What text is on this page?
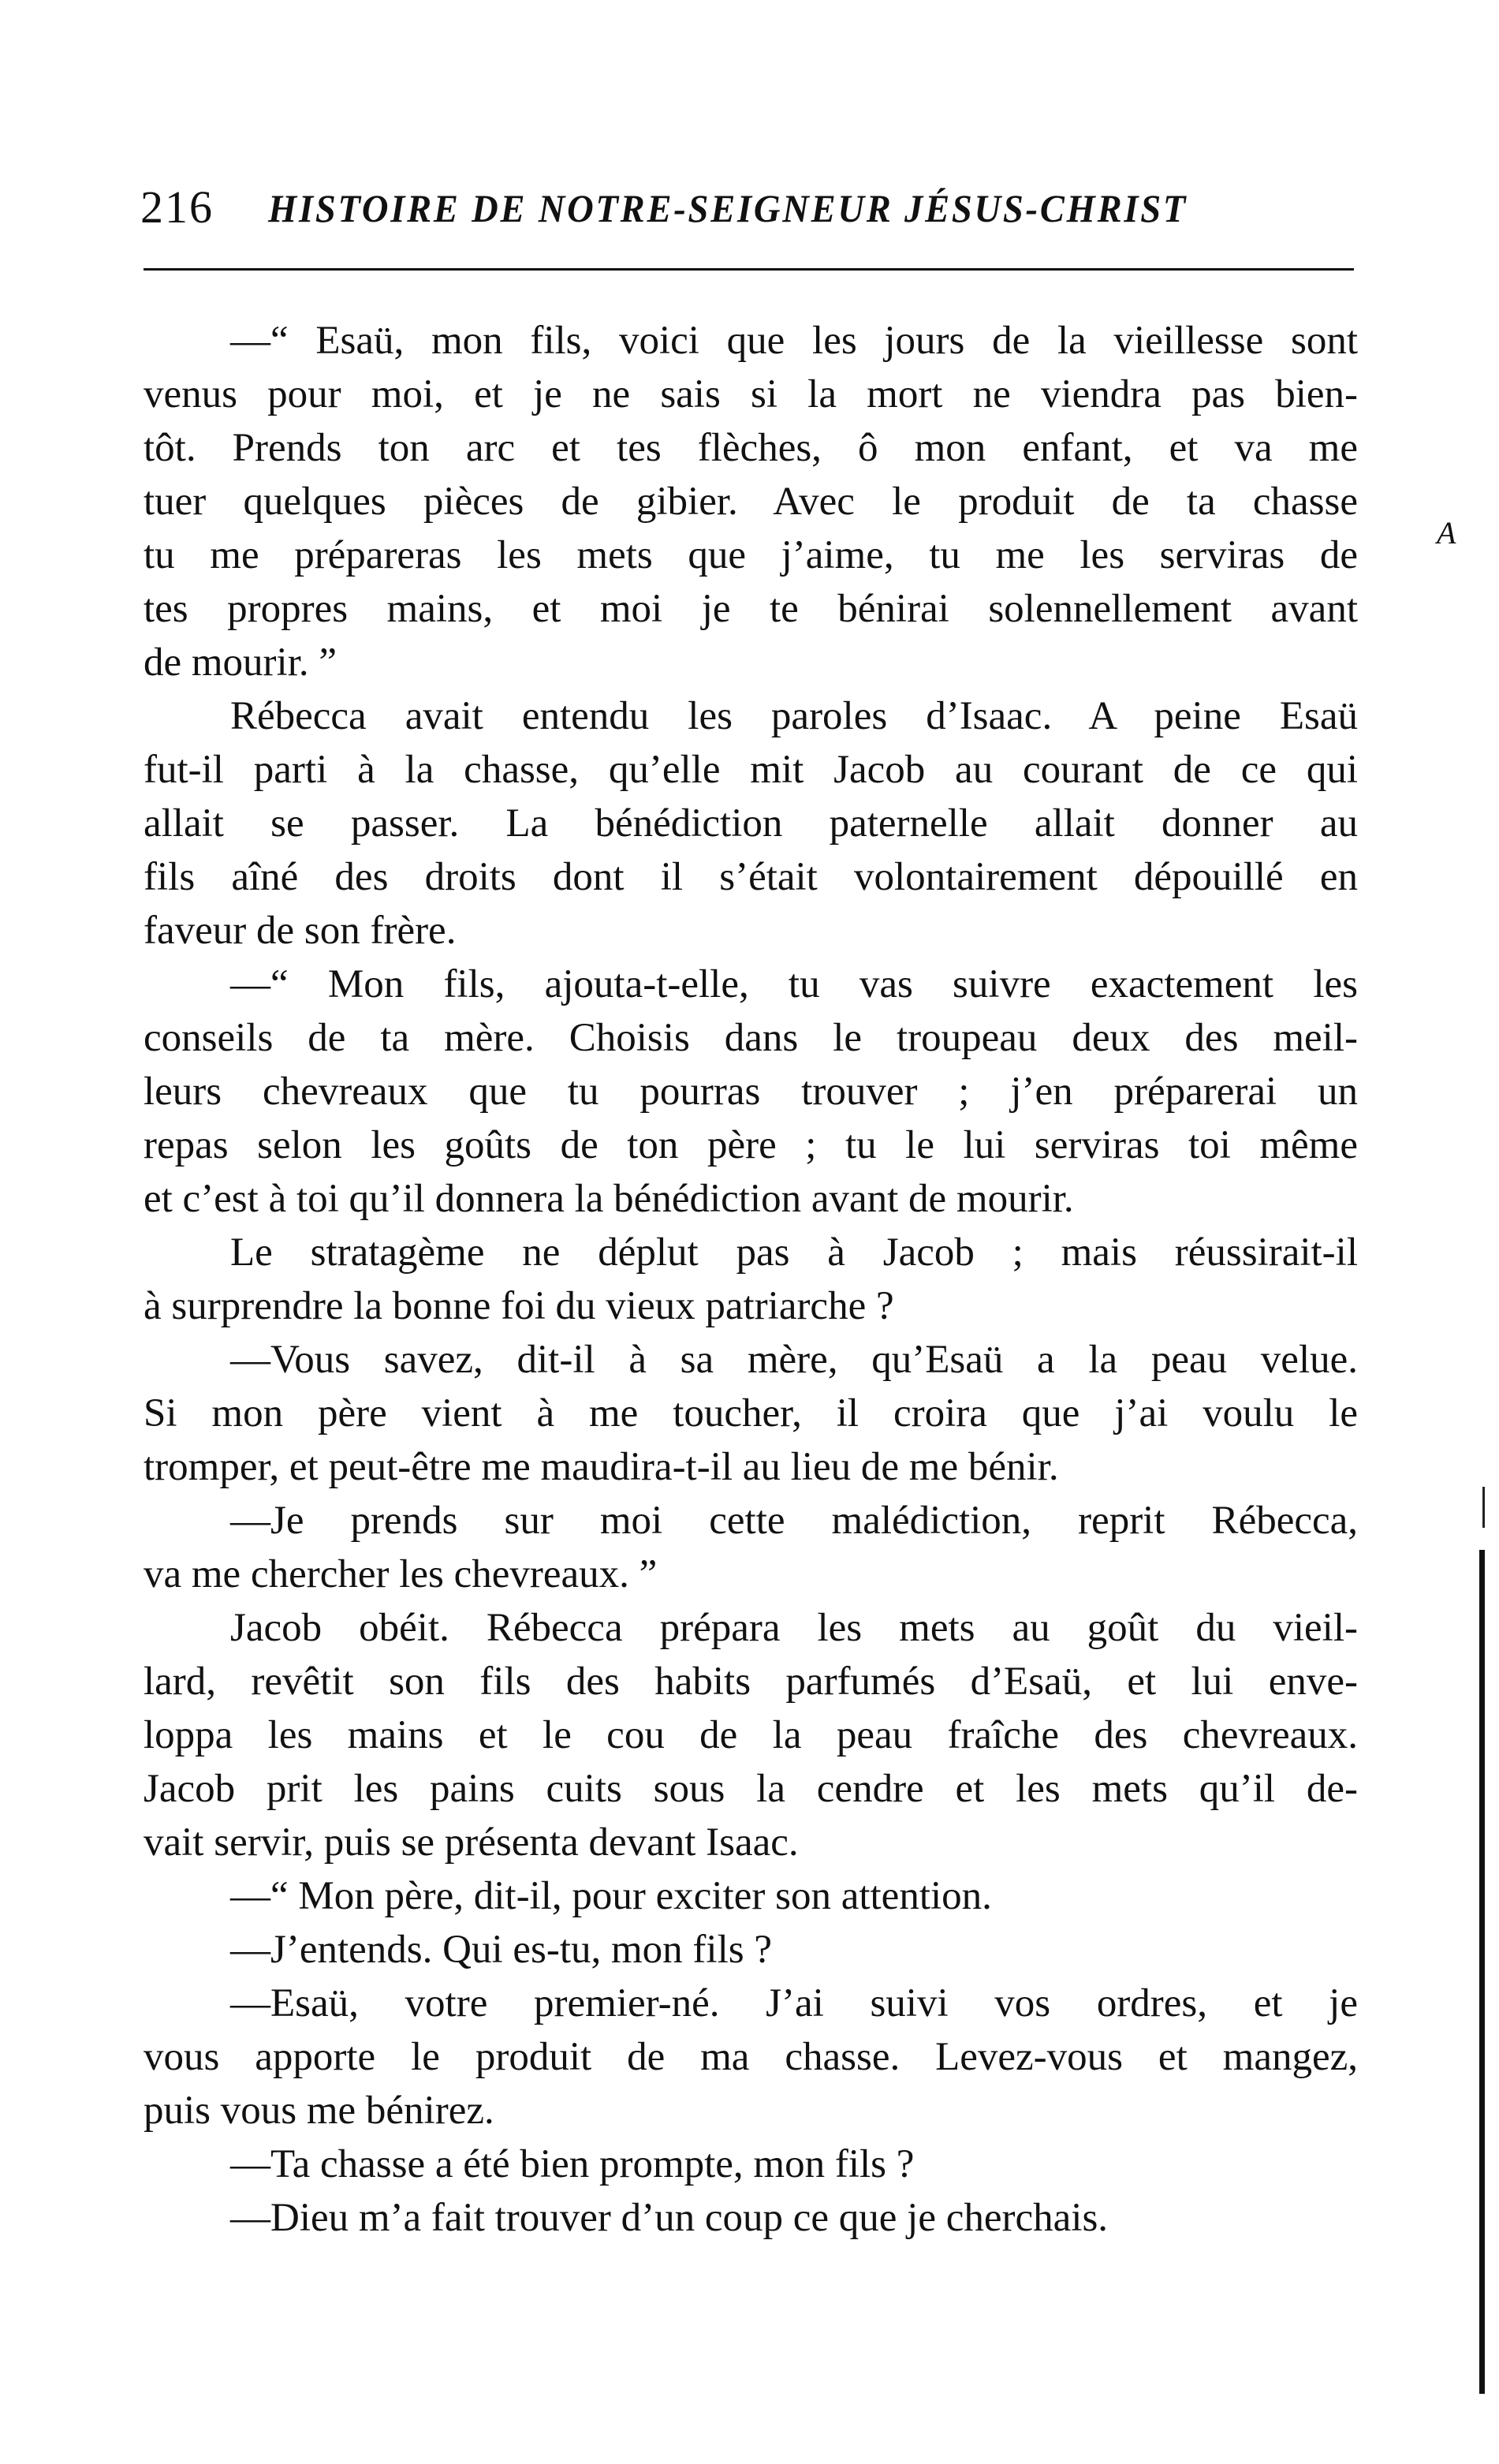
216 HISTOIRE DE NOTRE-SEIGNEUR JÉSUS-CHRIST
—“ Esaü, mon fils, voici que les jours de la vieillesse sont
venus pour moi, et je ne sais si la mort ne viendra pas bien-
tôt. Prends ton arc et tes flèches, ô mon enfant, et va me
tuer quelques pièces de gibier. Avec le produit de ta chasse
tu me prépareras les mets que j’aime, tu me les serviras de
tes propres mains, et moi je te bénirai solennellement avant
de mourir. ”
Rébecca avait entendu les paroles d’Isaac. A peine Esaü
fut-il parti à la chasse, qu’elle mit Jacob au courant de ce qui
allait se passer. La bénédiction paternelle allait donner au
fils aîné des droits dont il s’était volontairement dépouillé en
faveur de son frère.
—“ Mon fils, ajouta-t-elle, tu vas suivre exactement les
conseils de ta mère. Choisis dans le troupeau deux des meil-
leurs chevreaux que tu pourras trouver ; j’en préparerai un
repas selon les goûts de ton père ; tu le lui serviras toi même
et c’est à toi qu’il donnera la bénédiction avant de mourir.
Le stratagème ne déplut pas à Jacob ; mais réussirait-il
à surprendre la bonne foi du vieux patriarche ?
—Vous savez, dit-il à sa mère, qu’Esaü a la peau velue.
Si mon père vient à me toucher, il croira que j’ai voulu le
tromper, et peut-être me maudira-t-il au lieu de me bénir.
—Je prends sur moi cette malédiction, reprit Rébecca,
va me chercher les chevreaux. ”
Jacob obéit. Rébecca prépara les mets au goût du vieil-
lard, revêtit son fils des habits parfumés d’Esaü, et lui enve-
loppa les mains et le cou de la peau fraîche des chevreaux.
Jacob prit les pains cuits sous la cendre et les mets qu’il de-
vait servir, puis se présenta devant Isaac.
—“ Mon père, dit-il, pour exciter son attention.
—J’entends. Qui es-tu, mon fils ?
—Esaü, votre premier-né. J’ai suivi vos ordres, et je
vous apporte le produit de ma chasse. Levez-vous et mangez,
puis vous me bénirez.
—Ta chasse a été bien prompte, mon fils ?
—Dieu m’a fait trouver d’un coup ce que je cherchais.
A
